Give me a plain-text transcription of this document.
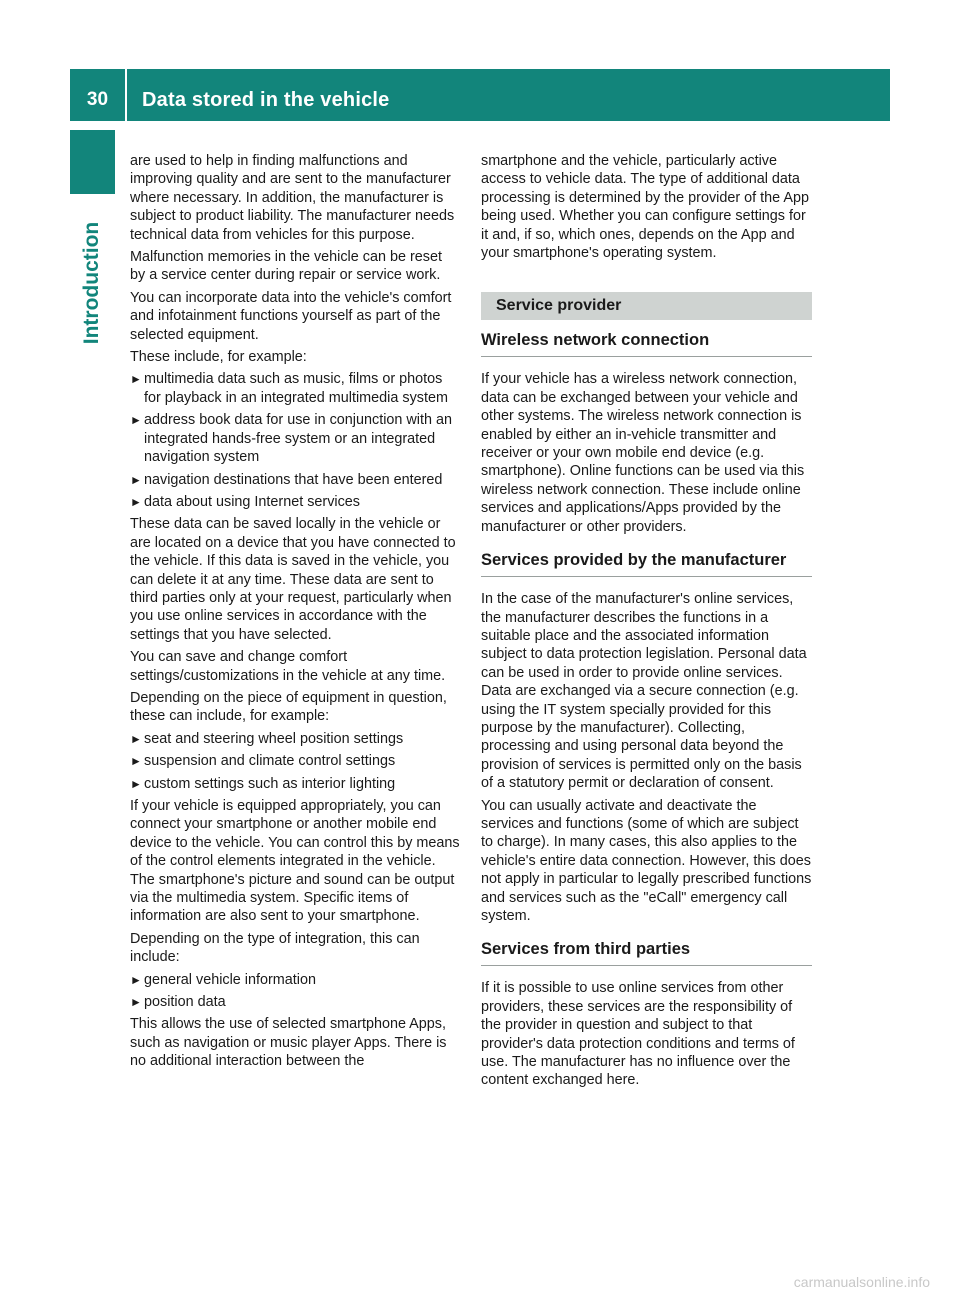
30	Data stored in the vehicle
Introduction

are used to help in finding malfunctions and improving quality and are sent to the manufacturer where necessary. In addition, the manufacturer is subject to product liability. The manufacturer needs technical data from vehicles for this purpose.

Malfunction memories in the vehicle can be reset by a service center during repair or service work.

You can incorporate data into the vehicle's comfort and infotainment functions yourself as part of the selected equipment.

These include, for example:

► multimedia data such as music, films or photos for playback in an integrated multimedia system
► address book data for use in conjunction with an integrated hands-free system or an integrated navigation system
► navigation destinations that have been entered
► data about using Internet services

These data can be saved locally in the vehicle or are located on a device that you have connected to the vehicle. If this data is saved in the vehicle, you can delete it at any time. These data are sent to third parties only at your request, particularly when you use online services in accordance with the settings that you have selected.

You can save and change comfort settings/customizations in the vehicle at any time.

Depending on the piece of equipment in question, these can include, for example:

► seat and steering wheel position settings
► suspension and climate control settings
► custom settings such as interior lighting

If your vehicle is equipped appropriately, you can connect your smartphone or another mobile end device to the vehicle. You can control this by means of the control elements integrated in the vehicle. The smartphone's picture and sound can be output via the multimedia system. Specific items of information are also sent to your smartphone.

Depending on the type of integration, this can include:

► general vehicle information
► position data

This allows the use of selected smartphone Apps, such as navigation or music player Apps. There is no additional interaction between the

smartphone and the vehicle, particularly active access to vehicle data. The type of additional data processing is determined by the provider of the App being used. Whether you can configure settings for it and, if so, which ones, depends on the App and your smartphone's operating system.

Service provider
Wireless network connection

If your vehicle has a wireless network connection, data can be exchanged between your vehicle and other systems. The wireless network connection is enabled by either an in-vehicle transmitter and receiver or your own mobile end device (e.g. smartphone). Online functions can be used via this wireless network connection. These include online services and applications/Apps provided by the manufacturer or other providers.

Services provided by the manufacturer

In the case of the manufacturer's online services, the manufacturer describes the functions in a suitable place and the associated information subject to data protection legislation. Personal data can be used in order to provide online services. Data are exchanged via a secure connection (e.g. using the IT system specially provided for this purpose by the manufacturer). Collecting, processing and using personal data beyond the provision of services is permitted only on the basis of a statutory permit or declaration of consent.

You can usually activate and deactivate the services and functions (some of which are subject to charge). In many cases, this also applies to the vehicle's entire data connection. However, this does not apply in particular to legally prescribed functions and services such as the "eCall" emergency call system.

Services from third parties

If it is possible to use online services from other providers, these services are the responsibility of the provider in question and subject to that provider's data protection conditions and terms of use. The manufacturer has no influence over the content exchanged here.

carmanualsonline.info
